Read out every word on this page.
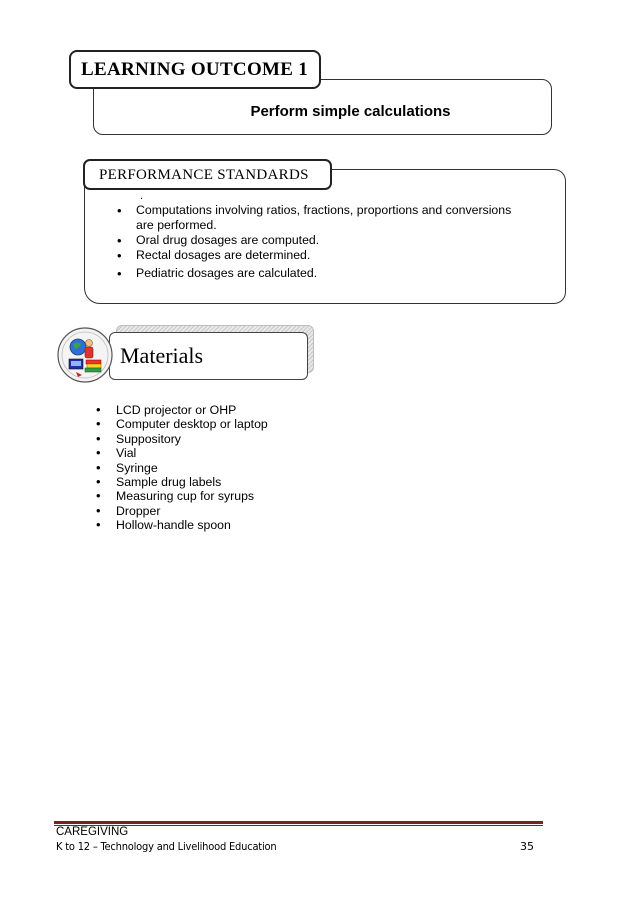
LEARNING OUTCOME 1
Perform simple calculations
PERFORMANCE STANDARDS
.
• Computations involving ratios, fractions, proportions and conversions are performed.
• Oral drug dosages are computed.
• Rectal dosages are determined.
• Pediatric dosages are calculated.
Materials
• LCD projector or OHP
• Computer desktop or laptop
• Suppository
• Vial
• Syringe
• Sample drug labels
• Measuring cup for syrups
• Dropper
• Hollow-handle spoon
CAREGIVING
K to 12 – Technology and Livelihood Education	35
